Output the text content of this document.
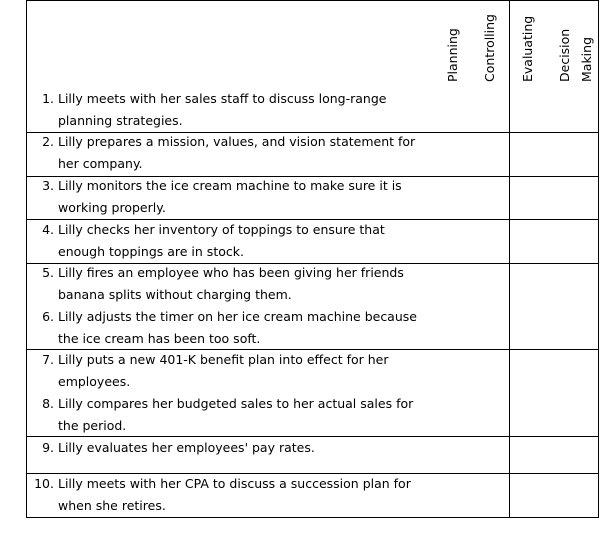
Planning Controlling Evaluating Decision Making
1. Lilly meets with her sales staff to discuss long-range
planning strategies.
2. Lilly prepares a mission, values, and vision statement for
her company.
3. Lilly monitors the ice cream machine to make sure it is
working properly.
4. Lilly checks her inventory of toppings to ensure that
enough toppings are in stock.
5. Lilly fires an employee who has been giving her friends
banana splits without charging them.
6. Lilly adjusts the timer on her ice cream machine because
the ice cream has been too soft.
7. Lilly puts a new 401-K benefit plan into effect for her
employees.
8. Lilly compares her budgeted sales to her actual sales for
the period.
9. Lilly evaluates her employees' pay rates.
10. Lilly meets with her CPA to discuss a succession plan for
when she retires.
